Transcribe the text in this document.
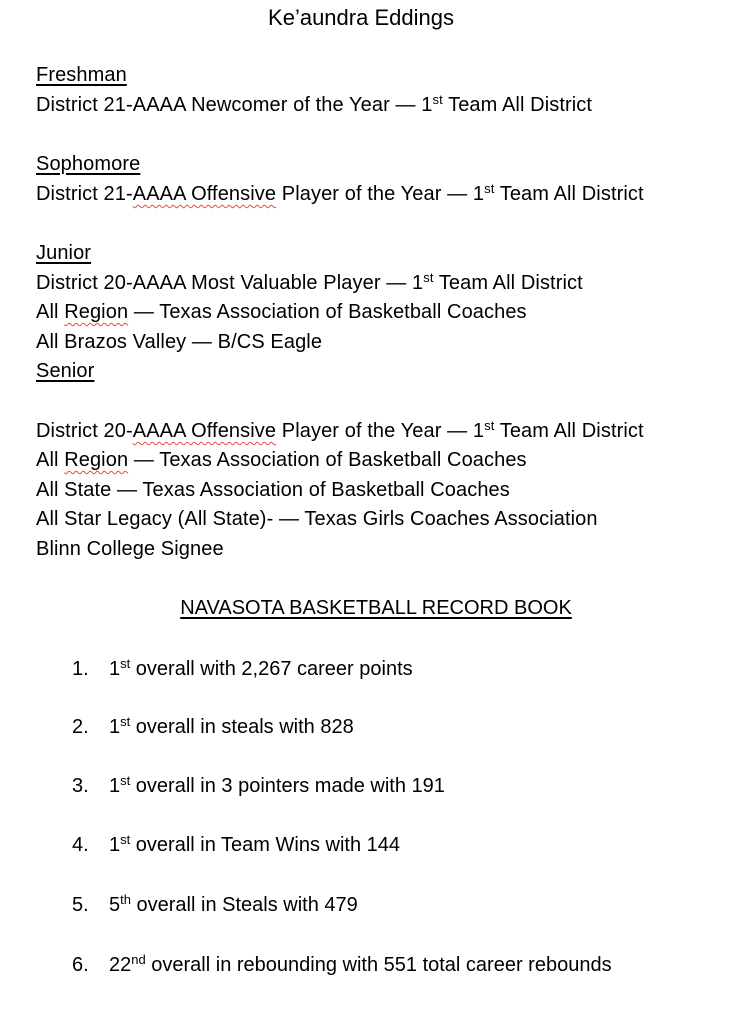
Ke’aundra Eddings
Freshman
District 21-AAAA Newcomer of the Year — 1st Team All District
Sophomore
District 21-AAAA Offensive Player of the Year — 1st Team All District
Junior
District 20-AAAA Most Valuable Player — 1st Team All District
All Region — Texas Association of Basketball Coaches
All Brazos Valley — B/CS Eagle
Senior
District 20-AAAA Offensive Player of the Year — 1st Team All District
All Region — Texas Association of Basketball Coaches
All State — Texas Association of Basketball Coaches
All Star Legacy (All State)- — Texas Girls Coaches Association
Blinn College Signee
NAVASOTA BASKETBALL RECORD BOOK
1. 1st overall with 2,267 career points
2. 1st overall in steals with 828
3. 1st overall in 3 pointers made with 191
4. 1st overall in Team Wins with 144
5. 5th overall in Steals with 479
6. 22nd overall in rebounding with 551 total career rebounds
